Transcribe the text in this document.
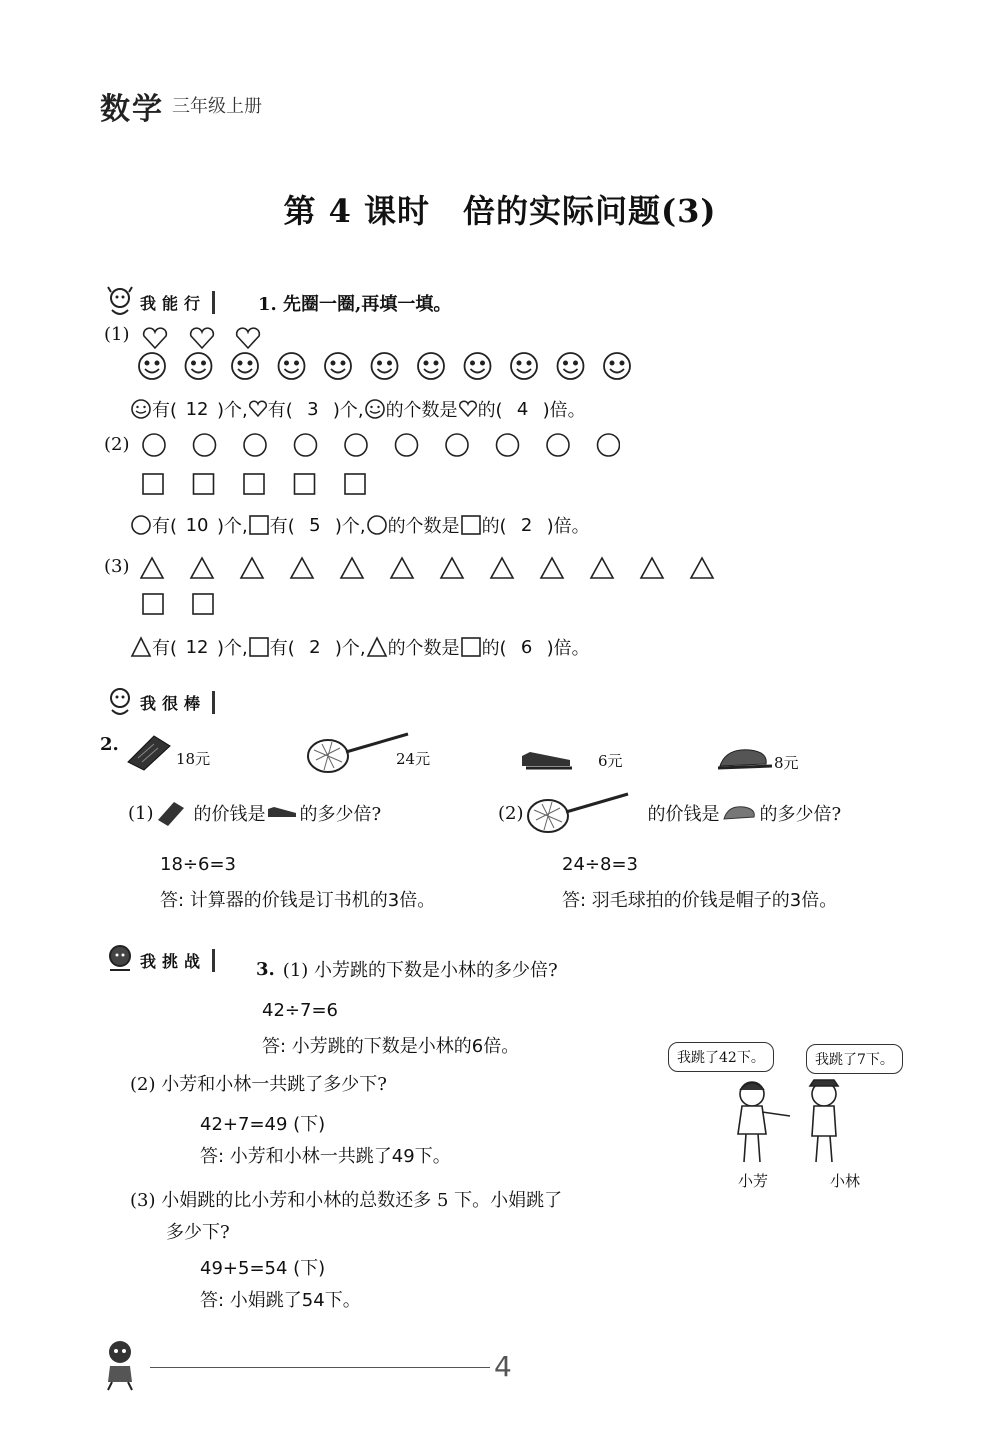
数学 三年级上册
第 4 课时　倍的实际问题(3)
我能行	1. 先圈一圈,再填一填。
(1)
有( 12 )个, 有( 3 )个, 的个数是 的( 4 )倍。
(2)
有( 10 )个, 有( 5 )个, 的个数是 的( 2 )倍。
(3)
有( 12 )个, 有( 2 )个, 的个数是 的( 6 )倍。
我很棒
2.
18元	24元	6元	8元
(1) 的价钱是 的多少倍?
18÷6=3
答: 计算器的价钱是订书机的3倍。
(2)	的价钱是 的多少倍?
24÷8=3
答: 羽毛球拍的价钱是帽子的3倍。
我挑战	3. (1) 小芳跳的下数是小林的多少倍?
42÷7=6
答: 小芳跳的下数是小林的6倍。
(2) 小芳和小林一共跳了多少下?
42+7=49 (下)
答: 小芳和小林一共跳了49下。
(3) 小娟跳的比小芳和小林的总数还多 5 下。小娟跳了
多少下?
49+5=54 (下)
答: 小娟跳了54下。
我跳了42下。	我跳了7下。
小芳	小林
4
